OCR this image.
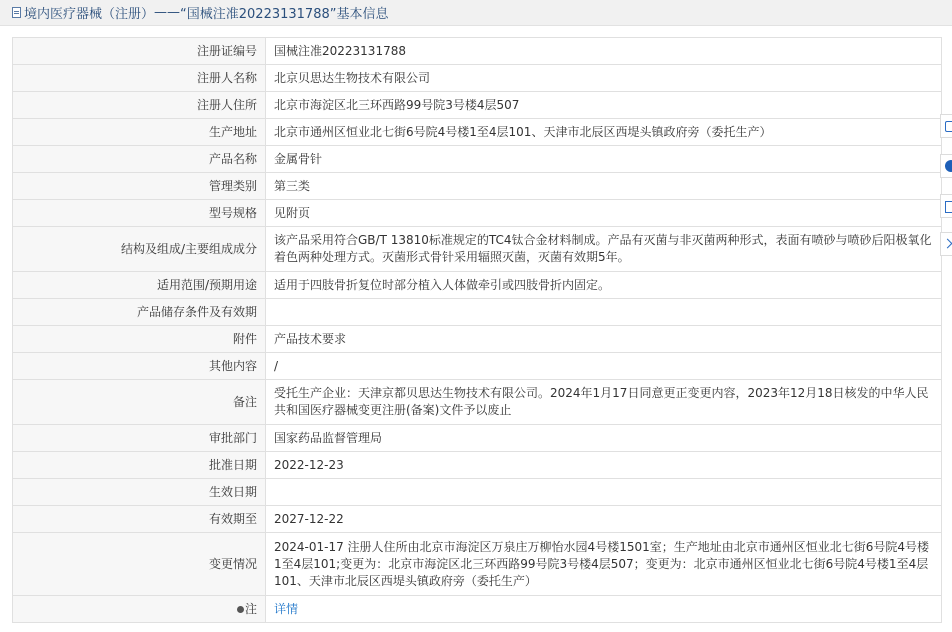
境内医疗器械（注册） —— “国械注准20223131788”基本信息
注册证编号	国械注准20223131788
注册人名称	北京贝思达生物技术有限公司
注册人住所	北京市海淀区北三环西路99号院3号楼4层507
生产地址	北京市通州区恒业北七街6号院4号楼1至4层101、天津市北辰区西堤头镇政府旁（委托生产）
产品名称	金属骨针
管理类别	第三类
型号规格	见附页
结构及组成/主要组成成分	该产品采用符合GB/T 13810标准规定的TC4钛合金材料制成。产品有灭菌与非灭菌两种形式，表面有喷砂与喷砂后阳极氧化着色两种处理方式。灭菌形式骨针采用辐照灭菌，灭菌有效期5年。
适用范围/预期用途	适用于四肢骨折复位时部分植入人体做牵引或四肢骨折内固定。
产品储存条件及有效期	
附件	产品技术要求
其他内容	/
备注	受托生产企业：天津京都贝思达生物技术有限公司。2024年1月17日同意更正变更内容，2023年12月18日核发的中华人民共和国医疗器械变更注册(备案)文件予以废止
审批部门	国家药品监督管理局
批准日期	2022-12-23
生效日期	
有效期至	2027-12-22
变更情况	2024-01-17 注册人住所由北京市海淀区万泉庄万柳怡水园4号楼1501室；生产地址由北京市通州区恒业北七街6号院4号楼1至4层101;变更为：北京市海淀区北三环西路99号院3号楼4层507；变更为：北京市通州区恒业北七街6号院4号楼1至4层101、天津市北辰区西堤头镇政府旁（委托生产）
注	详情
